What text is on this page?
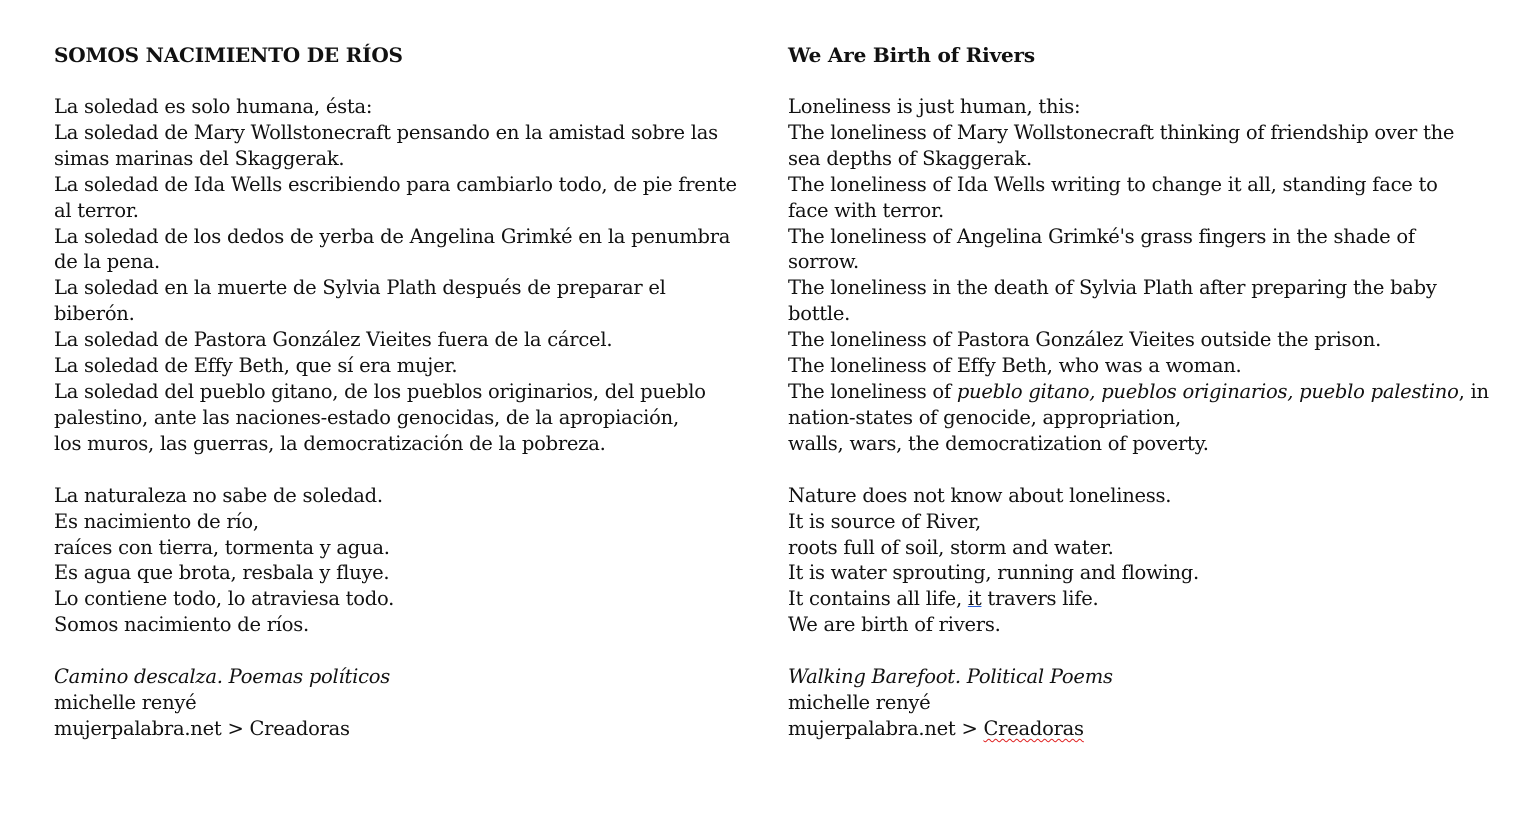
SOMOS NACIMIENTO DE RÍOS
La soledad es solo humana, ésta:
La soledad de Mary Wollstonecraft pensando en la amistad sobre las
simas marinas del Skaggerak.
La soledad de Ida Wells escribiendo para cambiarlo todo, de pie frente
al terror.
La soledad de los dedos de yerba de Angelina Grimké en la penumbra
de la pena.
La soledad en la muerte de Sylvia Plath después de preparar el
biberón.
La soledad de Pastora González Vieites fuera de la cárcel.
La soledad de Effy Beth, que sí era mujer.
La soledad del pueblo gitano, de los pueblos originarios, del pueblo
palestino, ante las naciones-estado genocidas, de la apropiación,
los muros, las guerras, la democratización de la pobreza.
La naturaleza no sabe de soledad.
Es nacimiento de río,
raíces con tierra, tormenta y agua.
Es agua que brota, resbala y fluye.
Lo contiene todo, lo atraviesa todo.
Somos nacimiento de ríos.
Camino descalza. Poemas políticos
michelle renyé
mujerpalabra.net > Creadoras
We Are Birth of Rivers
Loneliness is just human, this:
The loneliness of Mary Wollstonecraft thinking of friendship over the
sea depths of Skaggerak.
The loneliness of Ida Wells writing to change it all, standing face to
face with terror.
The loneliness of Angelina Grimké's grass fingers in the shade of
sorrow.
The loneliness in the death of Sylvia Plath after preparing the baby
bottle.
The loneliness of Pastora González Vieites outside the prison.
The loneliness of Effy Beth, who was a woman.
The loneliness of pueblo gitano, pueblos originarios, pueblo palestino, in
nation-states of genocide, appropriation,
walls, wars, the democratization of poverty.
Nature does not know about loneliness.
It is source of River,
roots full of soil, storm and water.
It is water sprouting, running and flowing.
It contains all life, it travers life.
We are birth of rivers.
Walking Barefoot. Political Poems
michelle renyé
mujerpalabra.net > Creadoras
